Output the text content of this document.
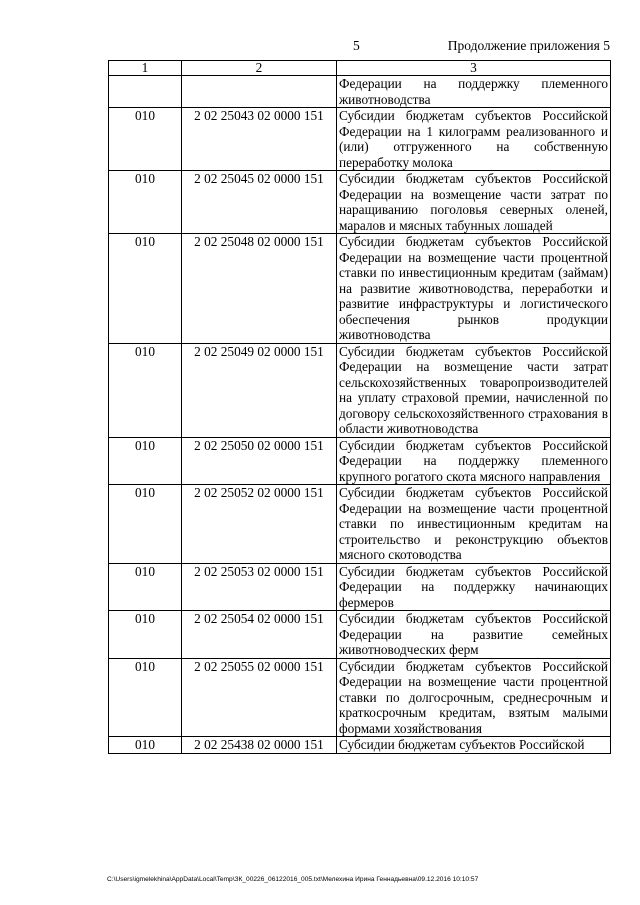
5	Продолжение приложения 5
1	2	3
		Федерации на поддержку племенного животноводства
010	2 02 25043 02 0000 151	Субсидии бюджетам субъектов Российской Федерации на 1 килограмм реализованного и (или) отгруженного на собственную переработку молока
010	2 02 25045 02 0000 151	Субсидии бюджетам субъектов Российской Федерации на возмещение части затрат по наращиванию поголовья северных оленей, маралов и мясных табунных лошадей
010	2 02 25048 02 0000 151	Субсидии бюджетам субъектов Российской Федерации на возмещение части процентной ставки по инвестиционным кредитам (займам) на развитие животноводства, переработки и развитие инфраструктуры и логистического обеспечения рынков продукции животноводства
010	2 02 25049 02 0000 151	Субсидии бюджетам субъектов Российской Федерации на возмещение части затрат сельскохозяйственных товаропроизводителей на уплату страховой премии, начисленной по договору сельскохозяйственного страхования в области животноводства
010	2 02 25050 02 0000 151	Субсидии бюджетам субъектов Российской Федерации на поддержку племенного крупного рогатого скота мясного направления
010	2 02 25052 02 0000 151	Субсидии бюджетам субъектов Российской Федерации на возмещение части процентной ставки по инвестиционным кредитам на строительство и реконструкцию объектов мясного скотоводства
010	2 02 25053 02 0000 151	Субсидии бюджетам субъектов Российской Федерации на поддержку начинающих фермеров
010	2 02 25054 02 0000 151	Субсидии бюджетам субъектов Российской Федерации на развитие семейных животноводческих ферм
010	2 02 25055 02 0000 151	Субсидии бюджетам субъектов Российской Федерации на возмещение части процентной ставки по долгосрочным, среднесрочным и краткосрочным кредитам, взятым малыми формами хозяйствования
010	2 02 25438 02 0000 151	Субсидии бюджетам субъектов Российской
C:\Users\igmelekhina\AppData\Local\Temp\ЗК_00226_06122016_005.txt\Мелехина Ирина Геннадьевна\09.12.2016 10:10:57
